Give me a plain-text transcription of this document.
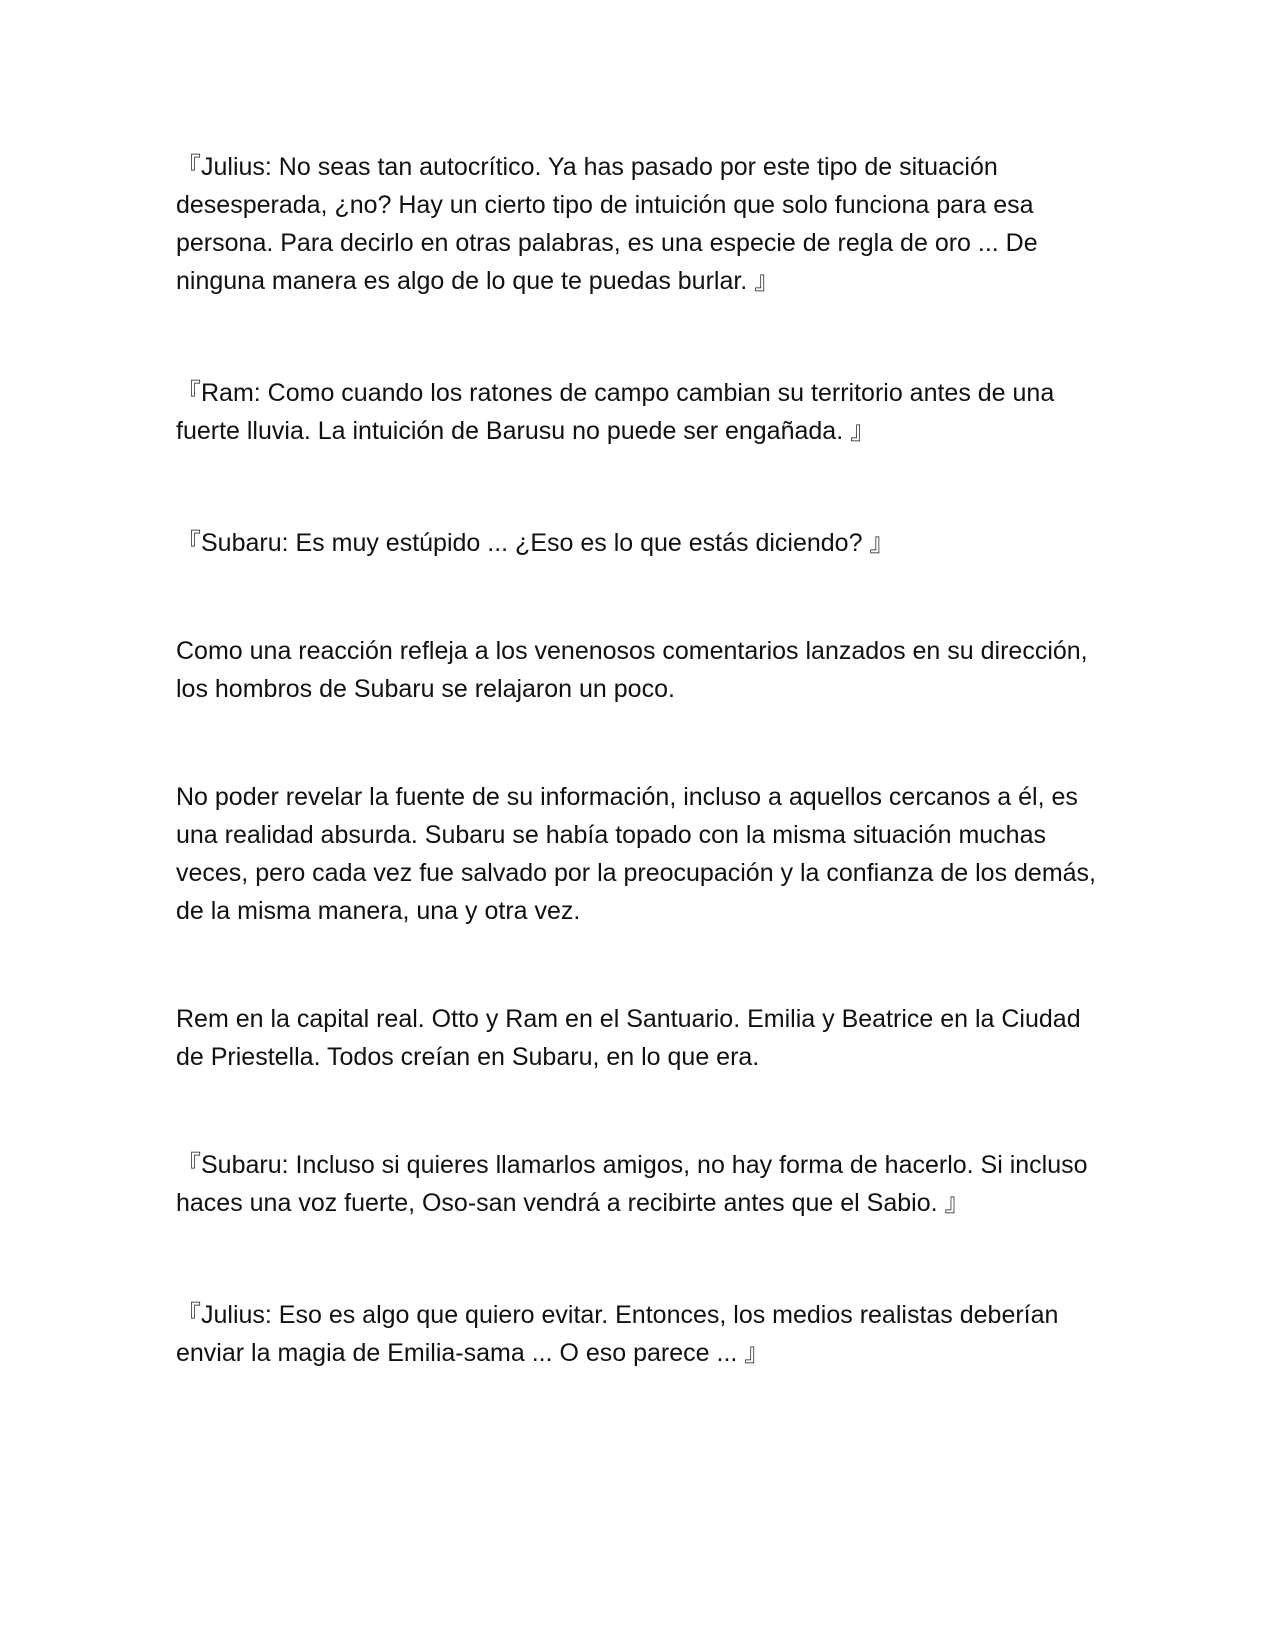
『Julius: No seas tan autocrítico. Ya has pasado por este tipo de situación desesperada, ¿no? Hay un cierto tipo de intuición que solo funciona para esa persona. Para decirlo en otras palabras, es una especie de regla de oro ... De ninguna manera es algo de lo que te puedas burlar. 』

『Ram: Como cuando los ratones de campo cambian su territorio antes de una fuerte lluvia. La intuición de Barusu no puede ser engañada. 』

『Subaru: Es muy estúpido ... ¿Eso es lo que estás diciendo? 』

Como una reacción refleja a los venenosos comentarios lanzados en su dirección, los hombros de Subaru se relajaron un poco.

No poder revelar la fuente de su información, incluso a aquellos cercanos a él, es una realidad absurda. Subaru se había topado con la misma situación muchas veces, pero cada vez fue salvado por la preocupación y la confianza de los demás, de la misma manera, una y otra vez.

Rem en la capital real. Otto y Ram en el Santuario. Emilia y Beatrice en la Ciudad de Priestella. Todos creían en Subaru, en lo que era.

『Subaru: Incluso si quieres llamarlos amigos, no hay forma de hacerlo. Si incluso haces una voz fuerte, Oso-san vendrá a recibirte antes que el Sabio. 』

『Julius: Eso es algo que quiero evitar. Entonces, los medios realistas deberían enviar la magia de Emilia-sama ... O eso parece ... 』
